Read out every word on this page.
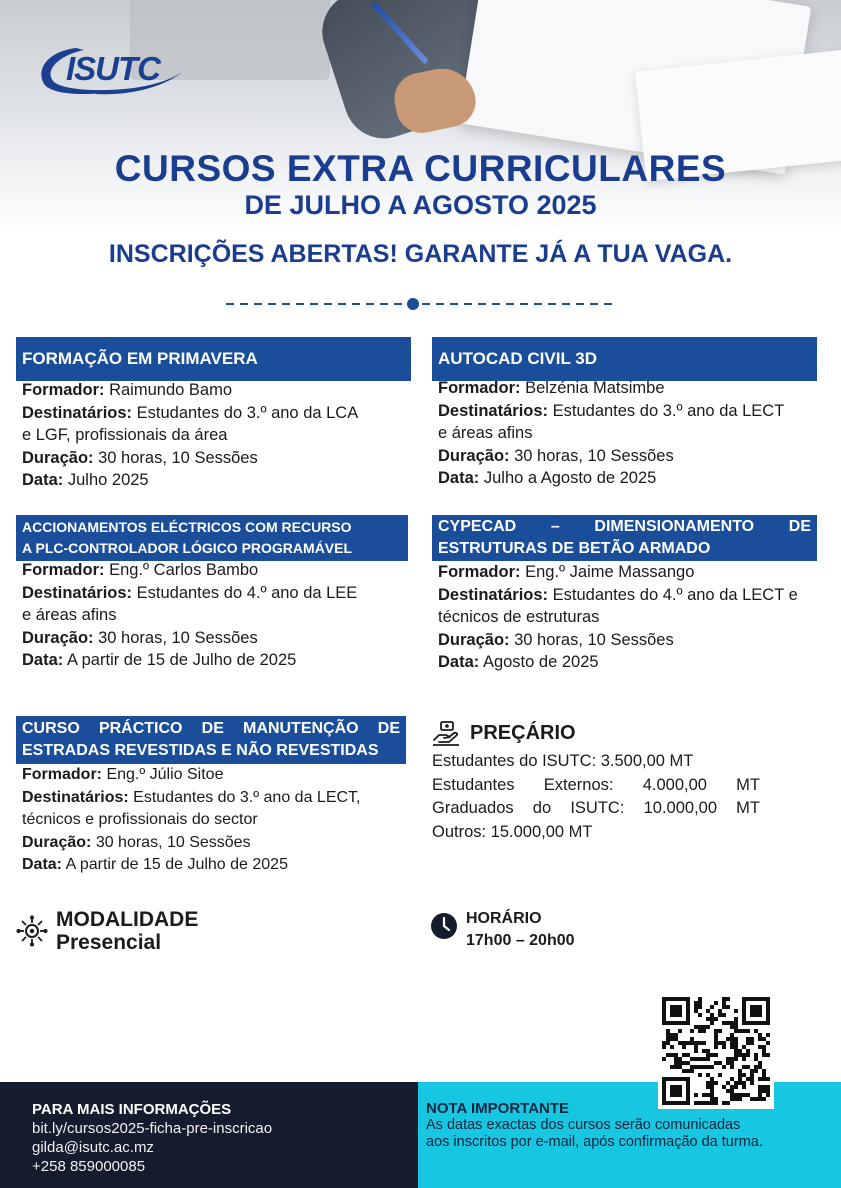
ISUTC
CURSOS EXTRA CURRICULARES
DE JULHO A AGOSTO 2025
INSCRIÇÕES ABERTAS! GARANTE JÁ A TUA VAGA.
FORMAÇÃO EM PRIMAVERA
Formador: Raimundo Bamo
Destinatários: Estudantes do 3.º ano da LCA
e LGF, profissionais da área
Duração: 30 horas, 10 Sessões
Data: Julho 2025
AUTOCAD CIVIL 3D
Formador: Belzénia Matsimbe
Destinatários: Estudantes do 3.º ano da LECT
e áreas afins
Duração: 30 horas, 10 Sessões
Data: Julho a Agosto de 2025
ACCIONAMENTOS ELÉCTRICOS COM RECURSO
A PLC-CONTROLADOR LÓGICO PROGRAMÁVEL
Formador: Eng.º Carlos Bambo
Destinatários: Estudantes do 4.º ano da LEE
e áreas afins
Duração: 30 horas, 10 Sessões
Data: A partir de 15 de Julho de 2025
CYPECAD – DIMENSIONAMENTO DE
ESTRUTURAS DE BETÃO ARMADO
Formador: Eng.º Jaime Massango
Destinatários: Estudantes do 4.º ano da LECT e
técnicos de estruturas
Duração: 30 horas, 10 Sessões
Data: Agosto de 2025
CURSO PRÁCTICO DE MANUTENÇÃO DE
ESTRADAS REVESTIDAS E NÃO REVESTIDAS
Formador: Eng.º Júlio Sitoe
Destinatários: Estudantes do 3.º ano da LECT,
técnicos e profissionais do sector
Duração: 30 horas, 10 Sessões
Data: A partir de 15 de Julho de 2025
PREÇÁRIO
Estudantes do ISUTC: 3.500,00 MT
Estudantes Externos: 4.000,00 MT
Graduados do ISUTC: 10.000,00 MT
Outros: 15.000,00 MT
MODALIDADE
Presencial
HORÁRIO
17h00 – 20h00
PARA MAIS INFORMAÇÕES
bit.ly/cursos2025-ficha-pre-inscricao
gilda@isutc.ac.mz
+258 859000085
NOTA IMPORTANTE
As datas exactas dos cursos serão comunicadas
aos inscritos por e-mail, após confirmação da turma.
